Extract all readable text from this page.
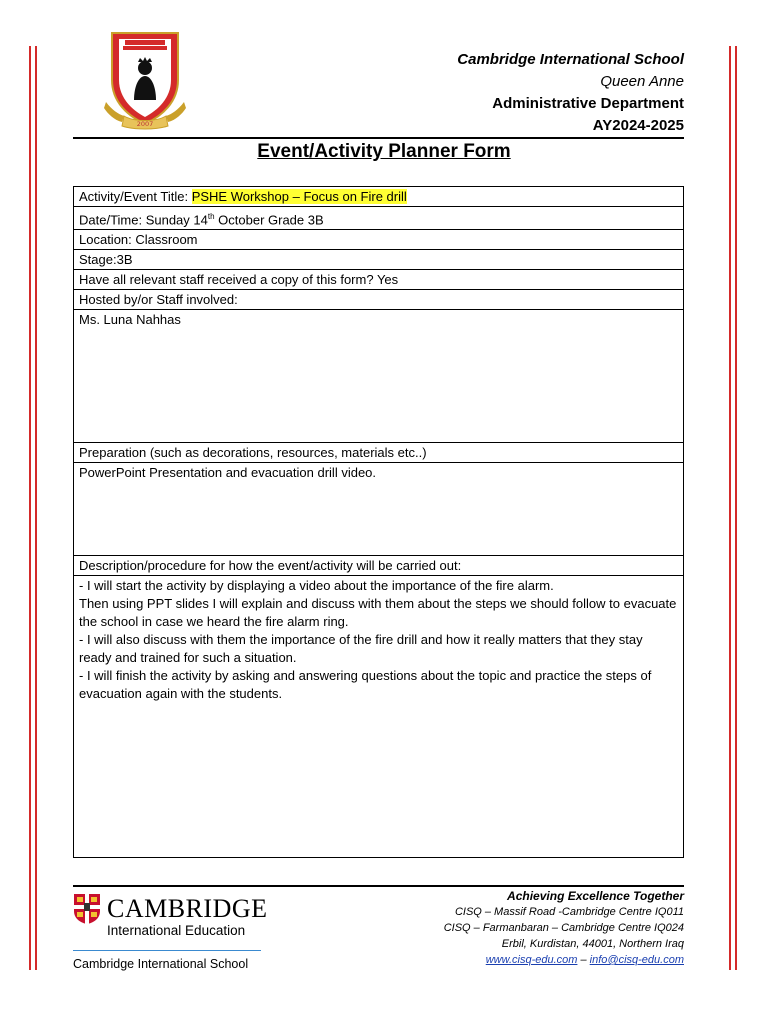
2007
Cambridge International School
Queen Anne
Administrative Department
AY2024-2025
Event/Activity Planner Form
Activity/Event Title: PSHE Workshop – Focus on Fire drill
Date/Time: Sunday 14th October Grade 3B
Location: Classroom
Stage:3B
Have all relevant staff received a copy of this form? Yes
Hosted by/or Staff involved:
Ms. Luna Nahhas
Preparation (such as decorations, resources, materials etc..)
PowerPoint Presentation and evacuation drill video.
Description/procedure for how the event/activity will be carried out:

- I will start the activity by displaying a video about the importance of the fire alarm.
Then using PPT slides I will explain and discuss with them about the steps we should follow to evacuate the school in case we heard the fire alarm ring.
- I will also discuss with them the importance of the fire drill and how it really matters that they stay ready and trained for such a situation.
- I will finish the activity by asking and answering questions about the topic and practice the steps of evacuation again with the students.
CAMBRIDGE
International Education
Cambridge International School
Achieving Excellence Together
CISQ – Massif Road -Cambridge Centre IQ011
CISQ – Farmanbaran – Cambridge Centre IQ024
Erbil, Kurdistan, 44001, Northern Iraq
www.cisq-edu.com – info@cisq-edu.com
